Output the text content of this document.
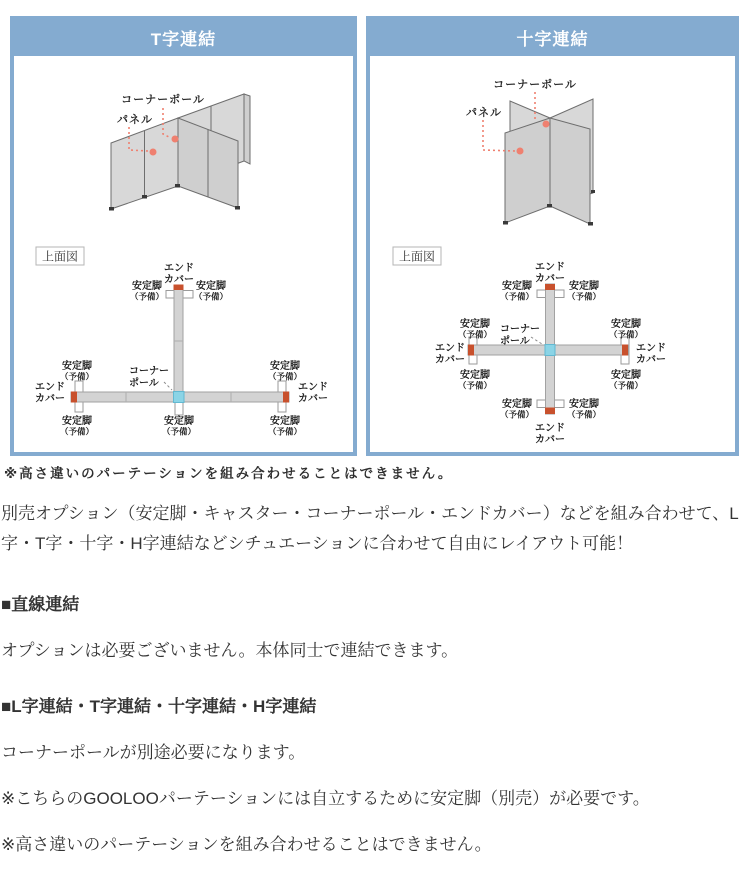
T字連結
コーナーポール
パネル
上面図
エンド
カバー
安定脚
（予備）
安定脚
（予備）
安定脚
（予備）
エンド
カバー
安定脚
（予備）
安定脚
（予備）
エンド
カバー
安定脚
（予備）
安定脚
（予備）
コーナー
ポール
十字連結
コーナーポール
パネル
上面図
エンド
カバー
安定脚
（予備）
安定脚
（予備）
安定脚
（予備）
エンド
カバー
安定脚
（予備）
安定脚
（予備）
エンド
カバー
安定脚
（予備）
安定脚
（予備）
安定脚
（予備）
エンド
カバー
コーナー
ポール

※高さ違いのパーテーションを組み合わせることはできません。

別売オプション（安定脚・キャスター・コーナーポール・エンドカバー）などを組み合わせて、L字・T字・十字・H字連結などシチュエーションに合わせて自由にレイアウト可能！

■直線連結

オプションは必要ございません。本体同士で連結できます。

■L字連結・T字連結・十字連結・H字連結

コーナーポールが別途必要になります。

※こちらのGOOLOOパーテーションには自立するために安定脚（別売）が必要です。

※高さ違いのパーテーションを組み合わせることはできません。
